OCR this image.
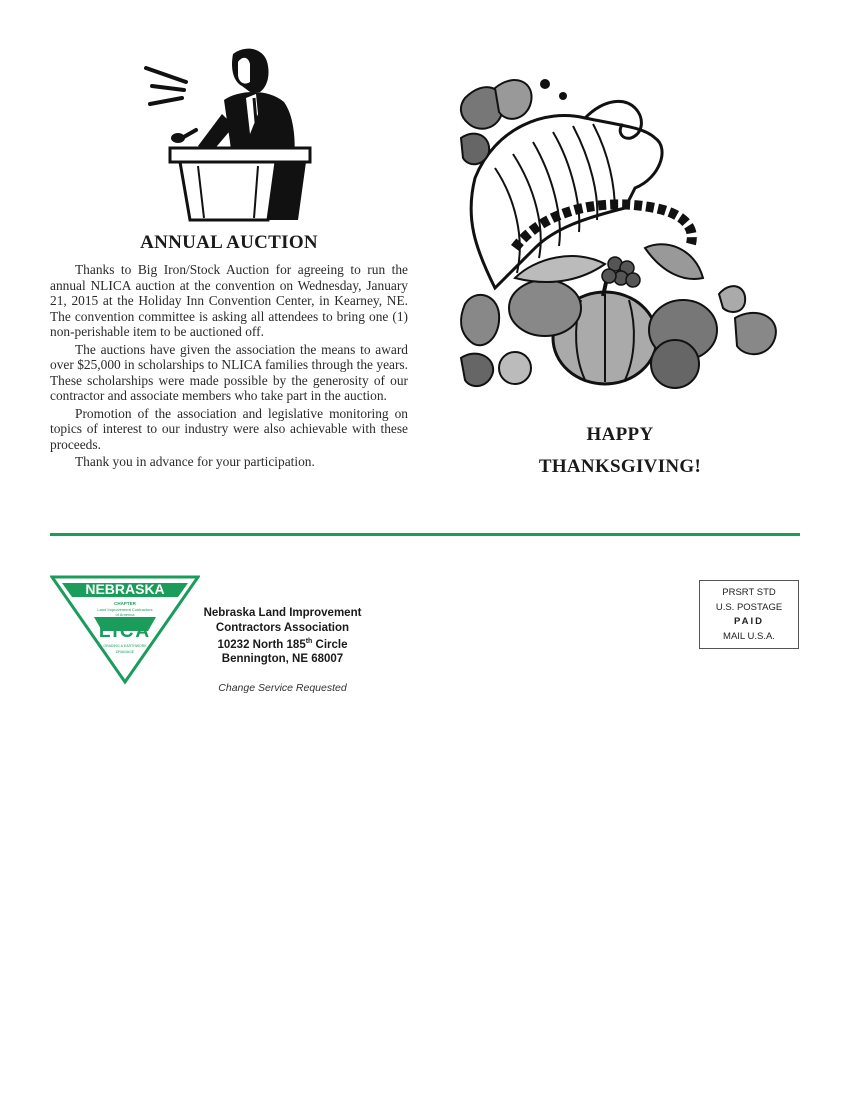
ANNUAL AUCTION

Thanks to Big Iron/Stock Auction for agreeing to run the annual NLICA auction at the convention on Wednesday, January 21, 2015 at the Holiday Inn Convention Center, in Kearney, NE. The convention committee is asking all attendees to bring one (1) non-perishable item to be auctioned off.

The auctions have given the association the means to award over $25,000 in scholarships to NLICA families through the years. These scholarships were made possible by the generosity of our contractor and associate members who take part in the auction.

Promotion of the association and legislative monitoring on topics of interest to our industry were also achievable with these proceeds.

Thank you in advance for your participation.

HAPPY
THANKSGIVING!
NEBRASKA
CHAPTER
Land Improvement Contractors
of America
LICA
GRADING & EARTHWORK
DRAINAGE
Nebraska Land Improvement
Contractors Association
10232 North 185th Circle
Bennington, NE 68007
Change Service Requested
PRSRT STD
U.S. POSTAGE
PAID
MAIL U.S.A.
